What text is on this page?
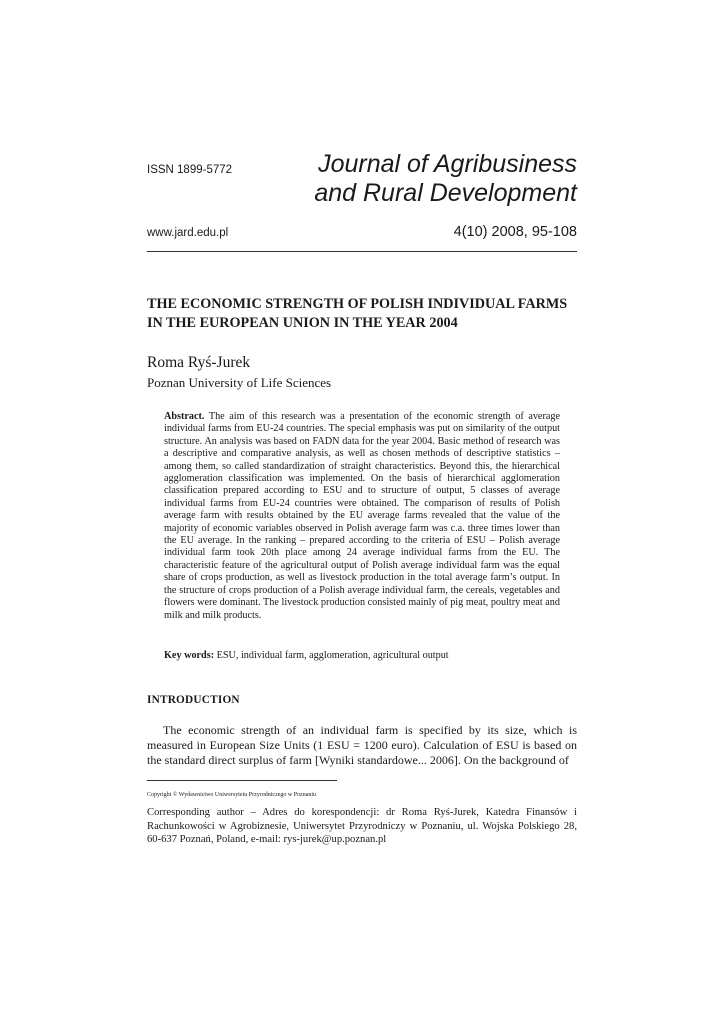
ISSN 1899-5772	Journal of Agribusiness
and Rural Development
www.jard.edu.pl	4(10) 2008, 95-108
THE ECONOMIC STRENGTH OF POLISH INDIVIDUAL FARMS IN THE EUROPEAN UNION IN THE YEAR 2004
Roma Ryś-Jurek
Poznan University of Life Sciences
Abstract. The aim of this research was a presentation of the economic strength of average individual farms from EU-24 countries. The special emphasis was put on similarity of the output structure. An analysis was based on FADN data for the year 2004. Basic method of research was a descriptive and comparative analysis, as well as chosen methods of descriptive statistics – among them, so called standardization of straight characteristics. Beyond this, the hierarchical agglomeration classification was implemented. On the basis of hierarchical agglomeration classification prepared according to ESU and to structure of output, 5 classes of average individual farms from EU-24 countries were obtained. The comparison of results of Polish average farm with results obtained by the EU average farms revealed that the value of the majority of economic variables observed in Polish average farm was c.a. three times lower than the EU average. In the ranking – prepared according to the criteria of ESU – Polish average individual farm took 20th place among 24 average individual farms from the EU. The characteristic feature of the agricultural output of Polish average individual farm was the equal share of crops production, as well as livestock production in the total average farm’s output. In the structure of crops production of a Polish average individual farm, the cereals, vegetables and flowers were dominant. The livestock production consisted mainly of pig meat, poultry meat and milk and milk products.
Key words: ESU, individual farm, agglomeration, agricultural output
INTRODUCTION
The economic strength of an individual farm is specified by its size, which is measured in European Size Units (1 ESU = 1200 euro). Calculation of ESU is based on the standard direct surplus of farm [Wyniki standardowe... 2006]. On the background of
Copyright © Wydawnictwo Uniwersytetu Przyrodniczego w Poznaniu
Corresponding author – Adres do korespondencji: dr Roma Ryś-Jurek, Katedra Finansów i Rachunkowości w Agrobiznesie, Uniwersytet Przyrodniczy w Poznaniu, ul. Wojska Polskiego 28, 60-637 Poznań, Poland, e-mail: rys-jurek@up.poznan.pl
